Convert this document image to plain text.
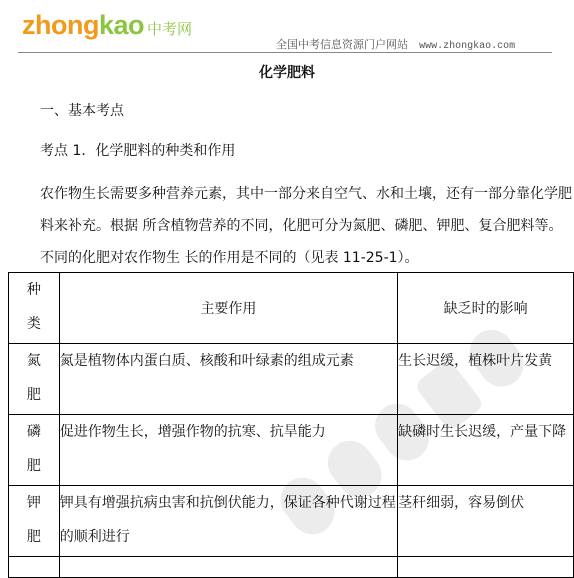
zhong kao 中考网
全国中考信息资源门户网站 www.zhongkao.com
化学肥料
一、基本考点
考点 1．化学肥料的种类和作用

农作物生长需要多种营养元素，其中一部分来自空气、水和土壤，还有一部分靠化学肥

料来补充。根据 所含植物营养的不同，化肥可分为氮肥、磷肥、钾肥、复合肥料等。

不同的化肥对农作物生 长的作用是不同的（见表 11-25-1）。

种
类	主要作用	缺乏时的影响

氮
肥	氮是植物体内蛋白质、核酸和叶绿素的组成元素	生长迟缓，植株叶片发黄

磷
肥	促进作物生长，增强作物的抗寒、抗旱能力	缺磷时生长迟缓，产量下降

钾
肥	钾具有增强抗病虫害和抗倒伏能力，保证各种代谢过程的顺利进行	茎秆细弱，容易倒伏
